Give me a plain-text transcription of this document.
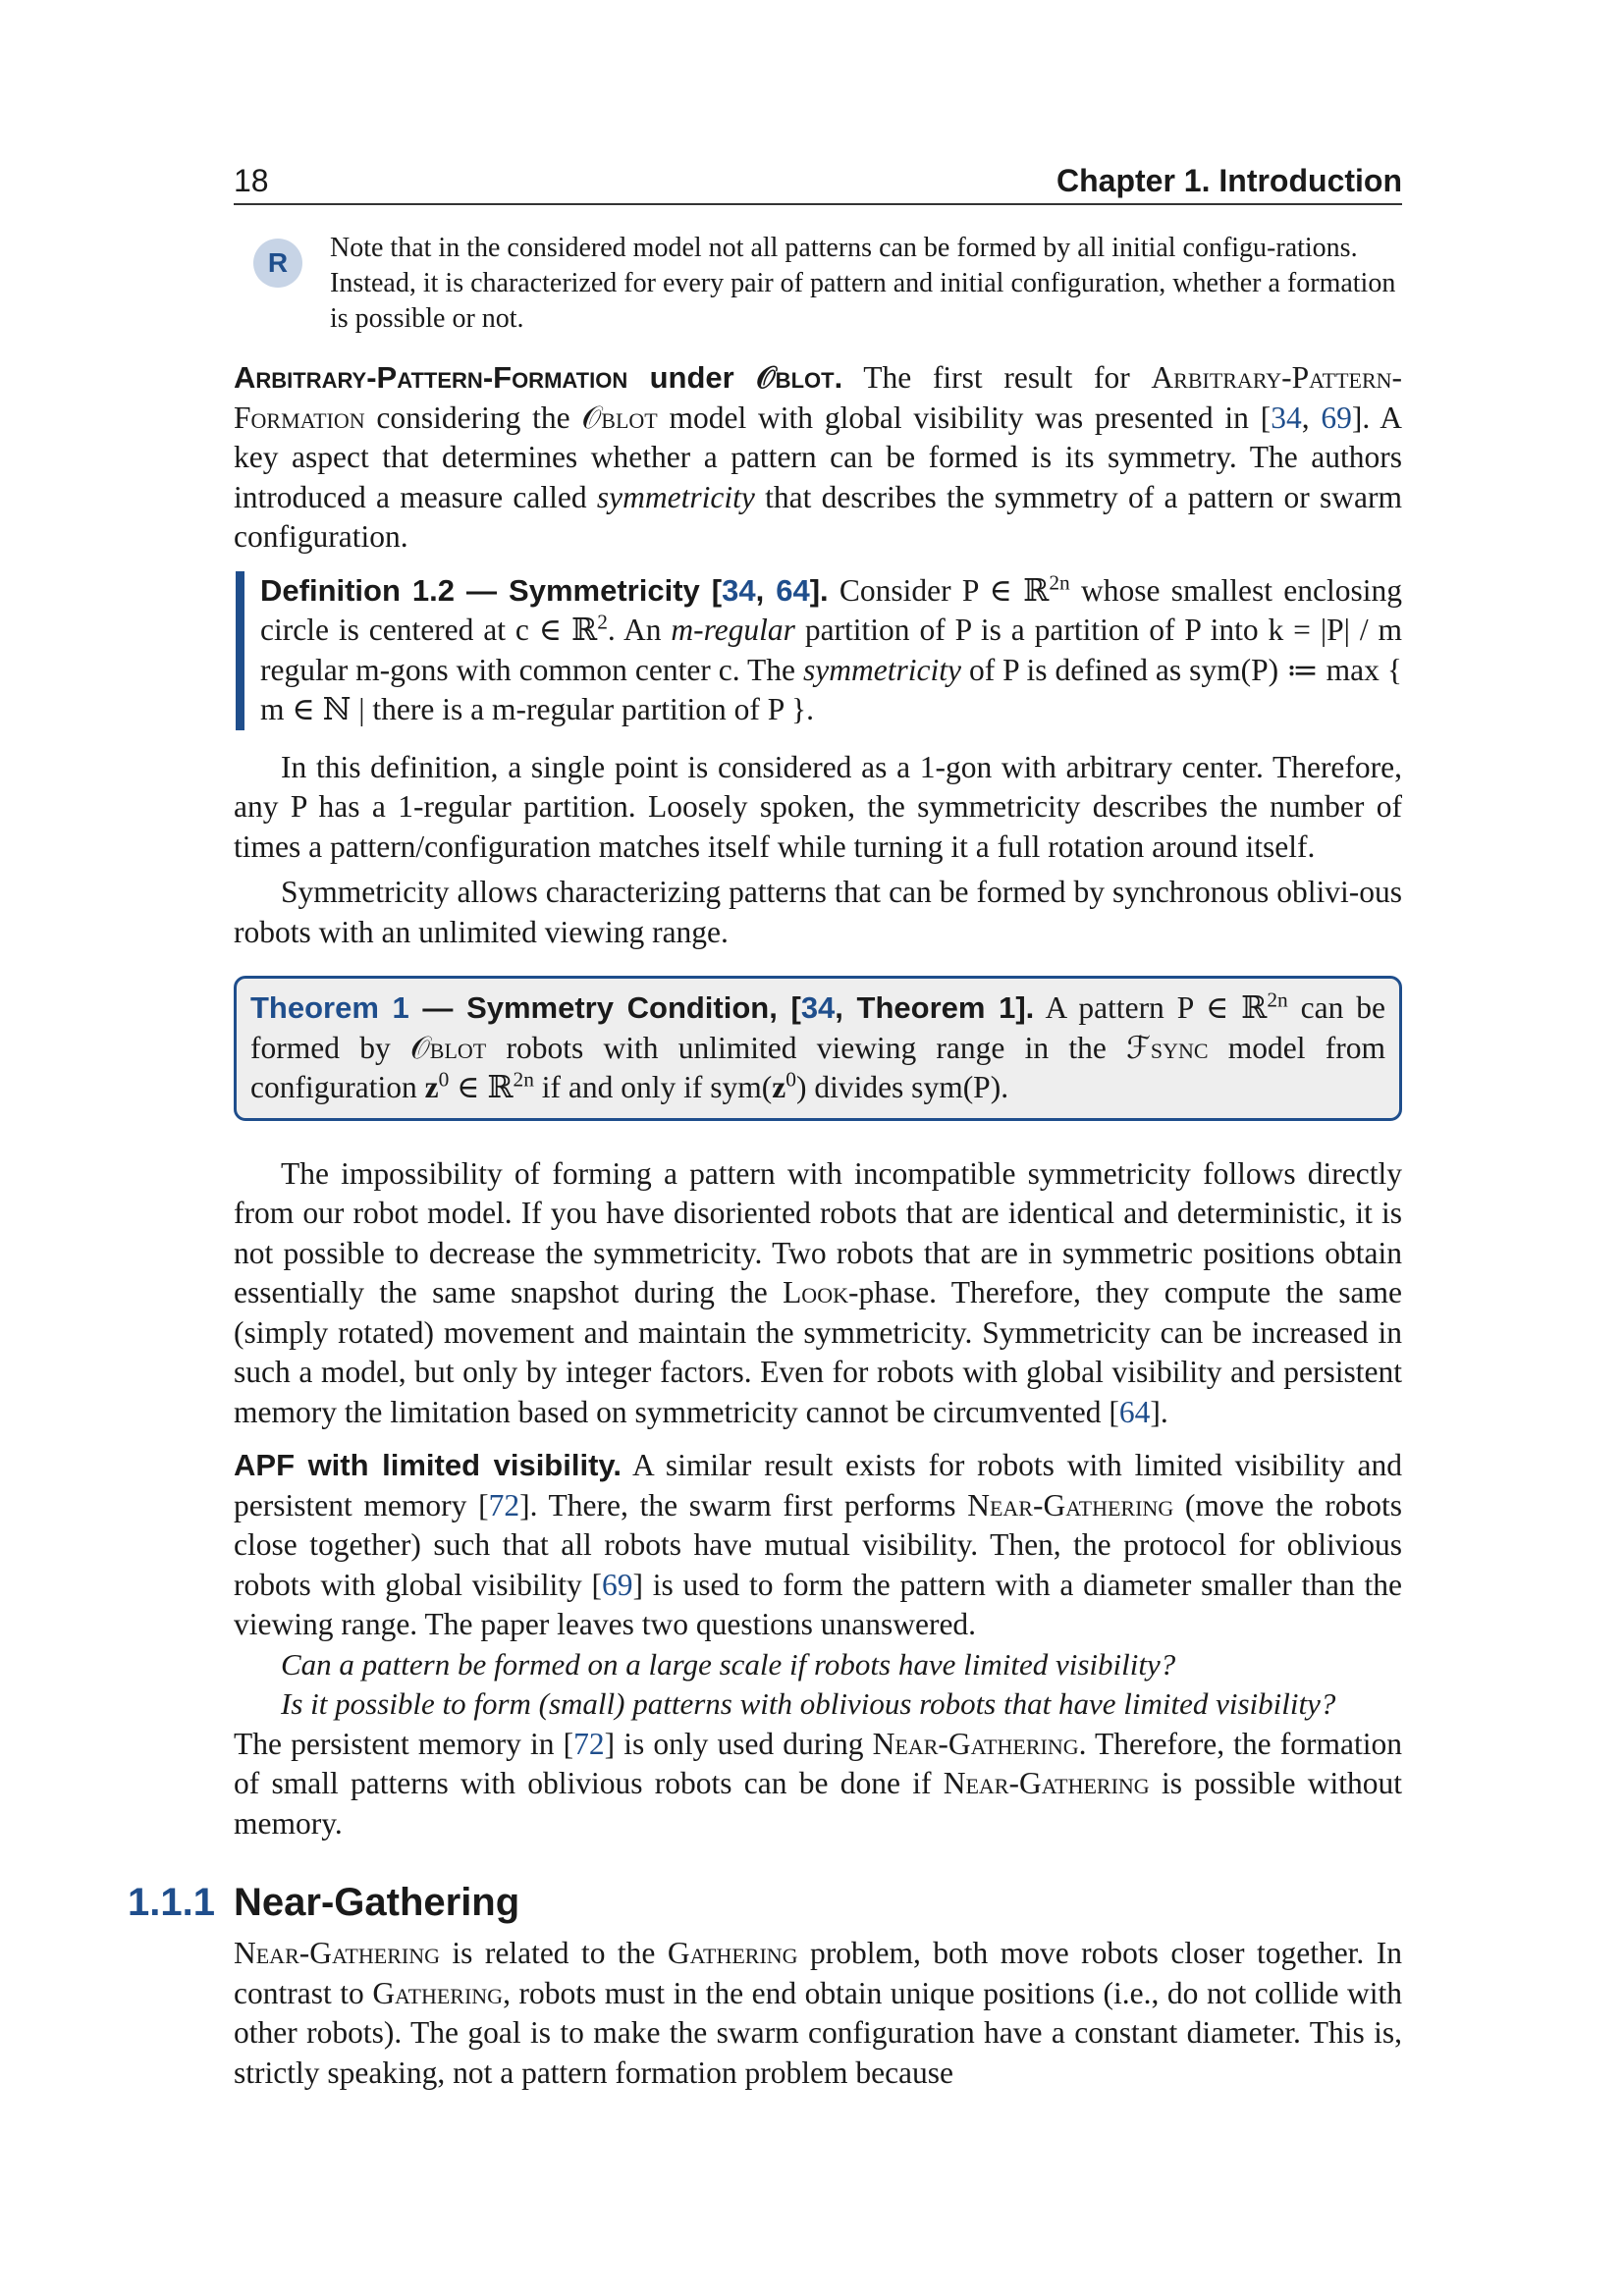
18	Chapter 1. Introduction
R	Note that in the considered model not all patterns can be formed by all initial configu-rations. Instead, it is characterized for every pair of pattern and initial configuration, whether a formation is possible or not.
Arbitrary-Pattern-Formation under 𝒪blot. The first result for Arbitrary-Pattern-Formation considering the 𝒪blot model with global visibility was presented in [34, 69]. A key aspect that determines whether a pattern can be formed is its symmetry. The authors introduced a measure called symmetricity that describes the symmetry of a pattern or swarm configuration.
Definition 1.2 — Symmetricity [34, 64]. Consider P ∈ ℝ$^{2n}$ whose smallest enclosing circle is centered at c ∈ ℝ$^2$. An m-regular partition of P is a partition of P into k = |P| / m regular m-gons with common center c. The symmetricity of P is defined as sym(P) ≔ max { m ∈ ℕ | there is a m-regular partition of P }.
In this definition, a single point is considered as a 1-gon with arbitrary center. Therefore, any P has a 1-regular partition. Loosely spoken, the symmetricity describes the number of times a pattern/configuration matches itself while turning it a full rotation around itself.
Symmetricity allows characterizing patterns that can be formed by synchronous oblivi-ous robots with an unlimited viewing range.
Theorem 1 — Symmetry Condition, [34, Theorem 1]. A pattern P ∈ ℝ$^{2n}$ can be formed by 𝒪blot robots with unlimited viewing range in the ℱsync model from configuration $z^0$ ∈ ℝ$^{2n}$ if and only if $sym(z^0)$ divides sym(P).
The impossibility of forming a pattern with incompatible symmetricity follows directly from our robot model. If you have disoriented robots that are identical and deterministic, it is not possible to decrease the symmetricity. Two robots that are in symmetric positions obtain essentially the same snapshot during the Look-phase. Therefore, they compute the same (simply rotated) movement and maintain the symmetricity. Symmetricity can be increased in such a model, but only by integer factors. Even for robots with global visibility and persistent memory the limitation based on symmetricity cannot be circumvented [64].
APF with limited visibility. A similar result exists for robots with limited visibility and persistent memory [72]. There, the swarm first performs Near-Gathering (move the robots close together) such that all robots have mutual visibility. Then, the protocol for oblivious robots with global visibility [69] is used to form the pattern with a diameter smaller than the viewing range. The paper leaves two questions unanswered.
Can a pattern be formed on a large scale if robots have limited visibility?
Is it possible to form (small) patterns with oblivious robots that have limited visibility?
The persistent memory in [72] is only used during Near-Gathering. Therefore, the formation of small patterns with oblivious robots can be done if Near-Gathering is possible without memory.
1.1.1 Near-Gathering
Near-Gathering is related to the Gathering problem, both move robots closer together. In contrast to Gathering, robots must in the end obtain unique positions (i.e., do not collide with other robots). The goal is to make the swarm configuration have a constant diameter. This is, strictly speaking, not a pattern formation problem because
